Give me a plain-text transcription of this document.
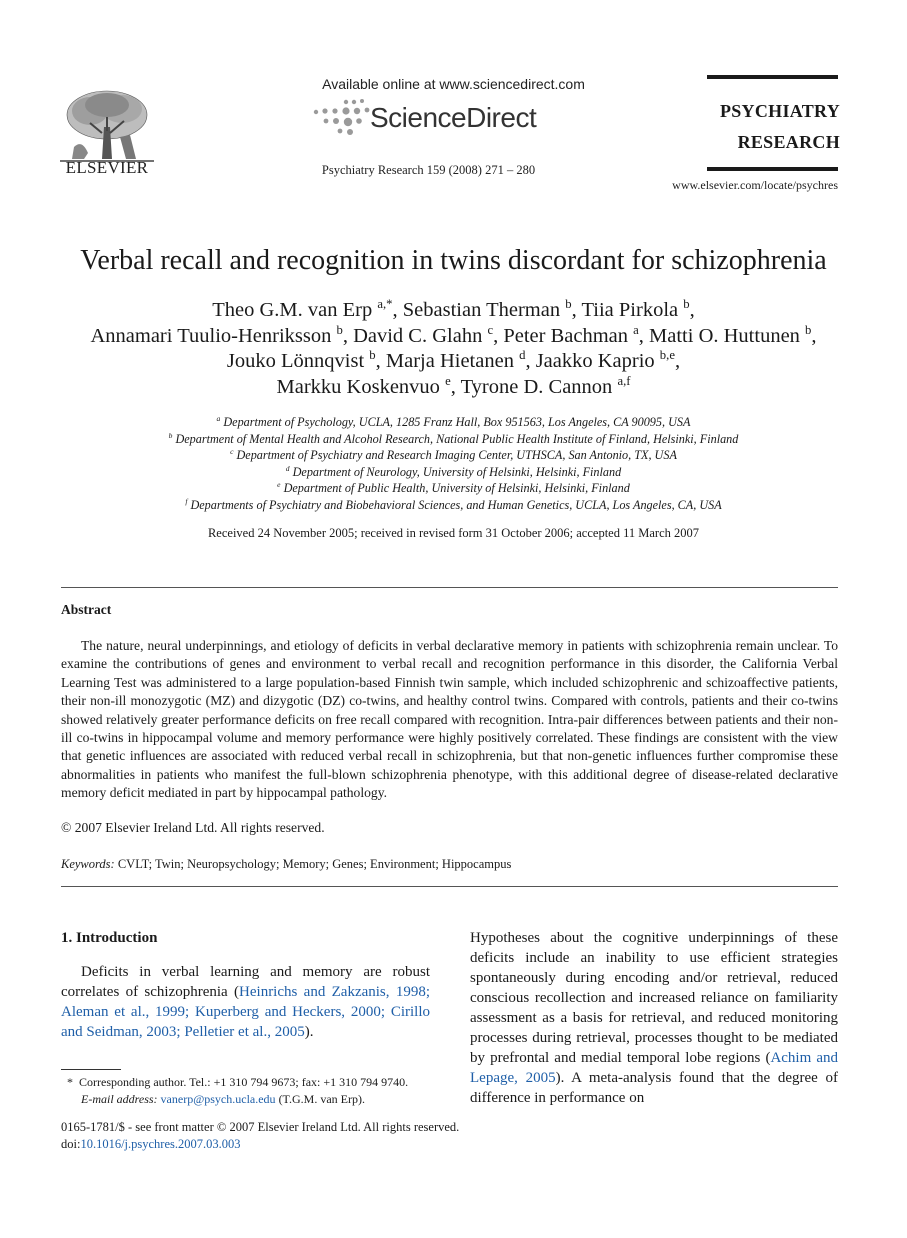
ELSEVIER
Available online at www.sciencedirect.com
ScienceDirect
Psychiatry Research 159 (2008) 271 – 280
PSYCHIATRY
RESEARCH
www.elsevier.com/locate/psychres
Verbal recall and recognition in twins discordant for schizophrenia
Theo G.M. van Erp $^{a,*}$, Sebastian Therman $^b$, Tiia Pirkola $^b$,
Annamari Tuulio-Henriksson $^b$, David C. Glahn $^c$, Peter Bachman $^a$, Matti O. Huttunen $^b$,
Jouko Lönnqvist $^b$, Marja Hietanen $^d$, Jaakko Kaprio $^{b,e}$,
Markku Koskenvuo $^e$, Tyrone D. Cannon $^{a,f}$
$^a$ Department of Psychology, UCLA, 1285 Franz Hall, Box 951563, Los Angeles, CA 90095, USA
$^b$ Department of Mental Health and Alcohol Research, National Public Health Institute of Finland, Helsinki, Finland
$^c$ Department of Psychiatry and Research Imaging Center, UTHSCA, San Antonio, TX, USA
$^d$ Department of Neurology, University of Helsinki, Helsinki, Finland
$^e$ Department of Public Health, University of Helsinki, Helsinki, Finland
$^f$ Departments of Psychiatry and Biobehavioral Sciences, and Human Genetics, UCLA, Los Angeles, CA, USA
Received 24 November 2005; received in revised form 31 October 2006; accepted 11 March 2007
Abstract
The nature, neural underpinnings, and etiology of deficits in verbal declarative memory in patients with schizophrenia remain unclear. To examine the contributions of genes and environment to verbal recall and recognition performance in this disorder, the California Verbal Learning Test was administered to a large population-based Finnish twin sample, which included schizophrenic and schizoaffective patients, their non-ill monozygotic (MZ) and dizygotic (DZ) co-twins, and healthy control twins. Compared with controls, patients and their co-twins showed relatively greater performance deficits on free recall compared with recognition. Intra-pair differences between patients and their non-ill co-twins in hippocampal volume and memory performance were highly positively correlated. These findings are consistent with the view that genetic influences are associated with reduced verbal recall in schizophrenia, but that non-genetic influences further compromise these abnormalities in patients who manifest the full-blown schizophrenia phenotype, with this additional degree of disease-related declarative memory deficit mediated in part by hippocampal pathology.
© 2007 Elsevier Ireland Ltd. All rights reserved.
Keywords: CVLT; Twin; Neuropsychology; Memory; Genes; Environment; Hippocampus
1. Introduction

Deficits in verbal learning and memory are robust correlates of schizophrenia (Heinrichs and Zakzanis, 1998; Aleman et al., 1999; Kuperberg and Heckers, 2000; Cirillo and Seidman, 2003; Pelletier et al., 2005).

Hypotheses about the cognitive underpinnings of these deficits include an inability to use efficient strategies spontaneously during encoding and/or retrieval, reduced conscious recollection and increased reliance on familiarity assessment as a basis for retrieval, and reduced monitoring processes during retrieval, processes thought to be mediated by prefrontal and medial temporal lobe regions (Achim and Lepage, 2005). A meta-analysis found that the degree of difference in performance on

* Corresponding author. Tel.: +1 310 794 9673; fax: +1 310 794 9740.
E-mail address: vanerp@psych.ucla.edu (T.G.M. van Erp).
0165-1781/$ - see front matter © 2007 Elsevier Ireland Ltd. All rights reserved.
doi:10.1016/j.psychres.2007.03.003
